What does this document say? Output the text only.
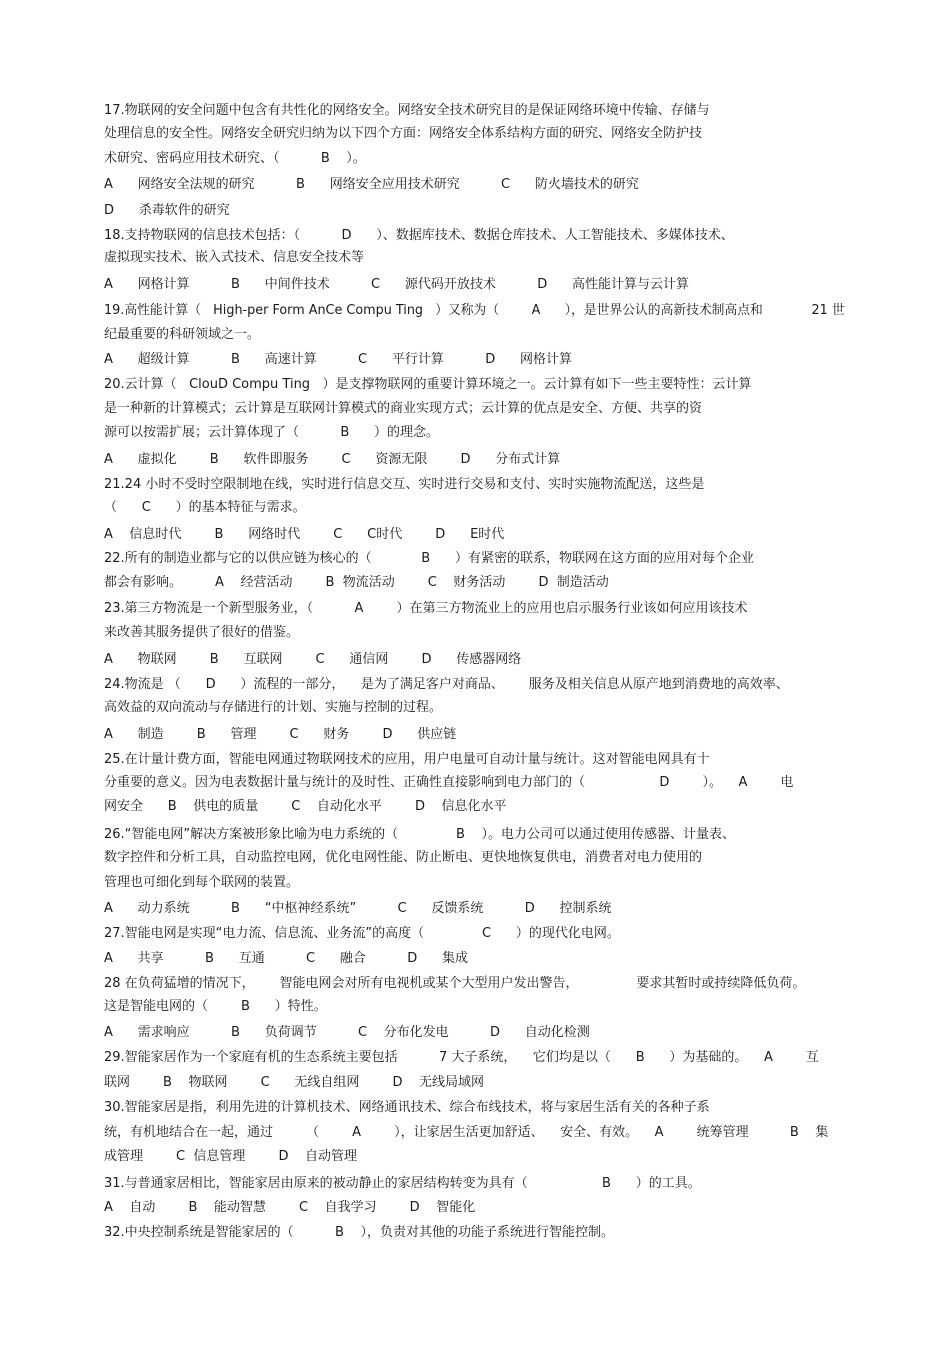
17.物联网的安全问题中包含有共性化的网络安全。网络安全技术研究目的是保证网络环境中传输、存储与
处理信息的安全性。网络安全研究归纳为以下四个方面：网络安全体系结构方面的研究、网络安全防护技
术研究、密码应用技术研究、（          B    ）。
A      网络安全法规的研究          B      网络安全应用技术研究          C      防火墙技术的研究
D      杀毒软件的研究
18.支持物联网的信息技术包括：（          D      ）、数据库技术、数据仓库技术、人工智能技术、多媒体技术、
虚拟现实技术、嵌入式技术、信息安全技术等
A      网格计算          B      中间件技术          C      源代码开放技术          D      高性能计算与云计算
19.高性能计算（   High-per Form AnCe Compu Ting   ）又称为（        A      ），是世界公认的高新技术制高点和            21 世
纪最重要的科研领域之一。
A      超级计算          B      高速计算          C      平行计算          D      网格计算
20.云计算（   ClouD Compu Ting   ）是支撑物联网的重要计算环境之一。云计算有如下一些主要特性：云计算
是一种新的计算模式；云计算是互联网计算模式的商业实现方式；云计算的优点是安全、方便、共享的资
源可以按需扩展；云计算体现了（          B      ）的理念。
A      虚拟化        B      软件即服务        C      资源无限        D      分布式计算
21.24 小时不受时空限制地在线，实时进行信息交互、实时进行交易和支付、实时实施物流配送，这些是
（      C      ）的基本特征与需求。
A    信息时代        B      网络时代        C      C时代        D      E时代
22.所有的制造业都与它的以供应链为核心的（            B      ）有紧密的联系，物联网在这方面的应用对每个企业
都会有影响。        A    经营活动        B  物流活动        C    财务活动        D  制造活动
23.第三方物流是一个新型服务业，（          A        ）在第三方物流业上的应用也启示服务行业该如何应用该技术
来改善其服务提供了很好的借鉴。
A      物联网        B      互联网        C      通信网        D      传感器网络
24.物流是 （      D      ）流程的一部分，    是为了满足客户对商品、      服务及相关信息从原产地到消费地的高效率、
高效益的双向流动与存储进行的计划、实施与控制的过程。
A      制造        B      管理        C      财务        D      供应链
25.在计量计费方面，智能电网通过物联网技术的应用，用户电量可自动计量与统计。这对智能电网具有十
分重要的意义。因为电表数据计量与统计的及时性、正确性直接影响到电力部门的（                  D        ）。    A        电
网安全      B    供电的质量        C    自动化水平        D    信息化水平
26.“智能电网”解决方案被形象比喻为电力系统的（              B    ）。电力公司可以通过使用传感器、计量表、
数字控件和分析工具，自动监控电网，优化电网性能、防止断电、更快地恢复供电，消费者对电力使用的
管理也可细化到每个联网的装置。
A      动力系统          B      “中枢神经系统”          C      反馈系统          D      控制系统
27.智能电网是实现“电力流、信息流、业务流”的高度（              C      ）的现代化电网。
A      共享          B      互通          C      融合          D      集成
28 在负荷猛增的情况下，      智能电网会对所有电视机或某个大型用户发出警告，              要求其暂时或持续降低负荷。
这是智能电网的（        B      ）特性。
A      需求响应          B      负荷调节          C    分布化发电          D      自动化检测
29.智能家居作为一个家庭有机的生态系统主要包括          7 大子系统，    它们均是以（      B      ）为基础的。    A        互
联网        B    物联网        C      无线自组网        D    无线局域网
30.智能家居是指，利用先进的计算机技术、网络通讯技术、综合布线技术，将与家居生活有关的各种子系
统，有机地结合在一起，通过        （        A        ），让家居生活更加舒适、    安全、有效。    A        统筹管理          B    集
成管理        C  信息管理        D    自动管理
31.与普通家居相比，智能家居由原来的被动静止的家居结构转变为具有（                  B      ）的工具。
A    自动        B    能动智慧        C    自我学习        D    智能化
32.中央控制系统是智能家居的（          B    ），负责对其他的功能子系统进行智能控制。
